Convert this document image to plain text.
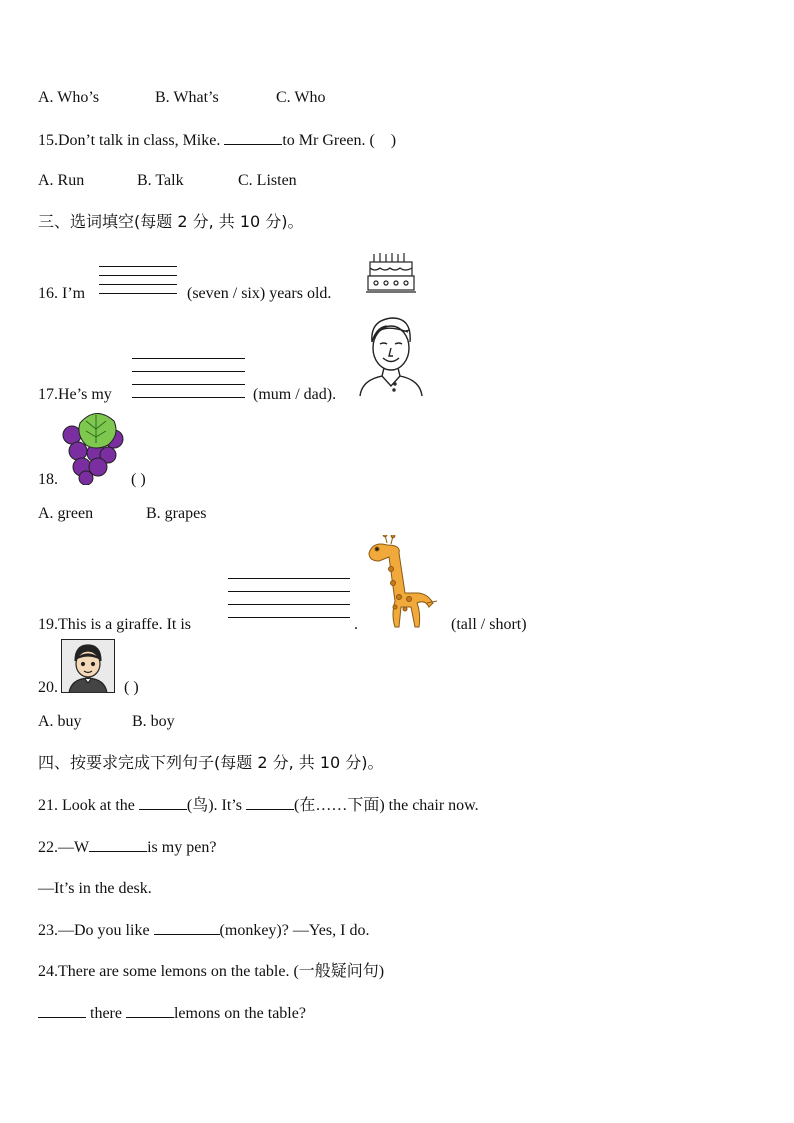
A. Who’s	B. What’s	C. Who
15.Don’t talk in class, Mike.	to Mr Green. ( )
A. Run	B. Talk	C. Listen
三、选词填空(每题 2 分, 共 10 分)。
16. I’m	(seven / six) years old.
17.He’s my	(mum / dad).
18.	( )
A. green	B. grapes
19.This is a giraffe. It is	.	(tall / short)
20.	( )
A. buy	B. boy
四、按要求完成下列句子(每题 2 分, 共 10 分)。
21. Look at the	(鸟). It’s	(在……下面) the chair now.
22.—W	is my pen?
—It’s in the desk.
23.—Do you like	(monkey)? —Yes, I do.
24.There are some lemons on the table. (一般疑问句)
there	lemons on the table?
